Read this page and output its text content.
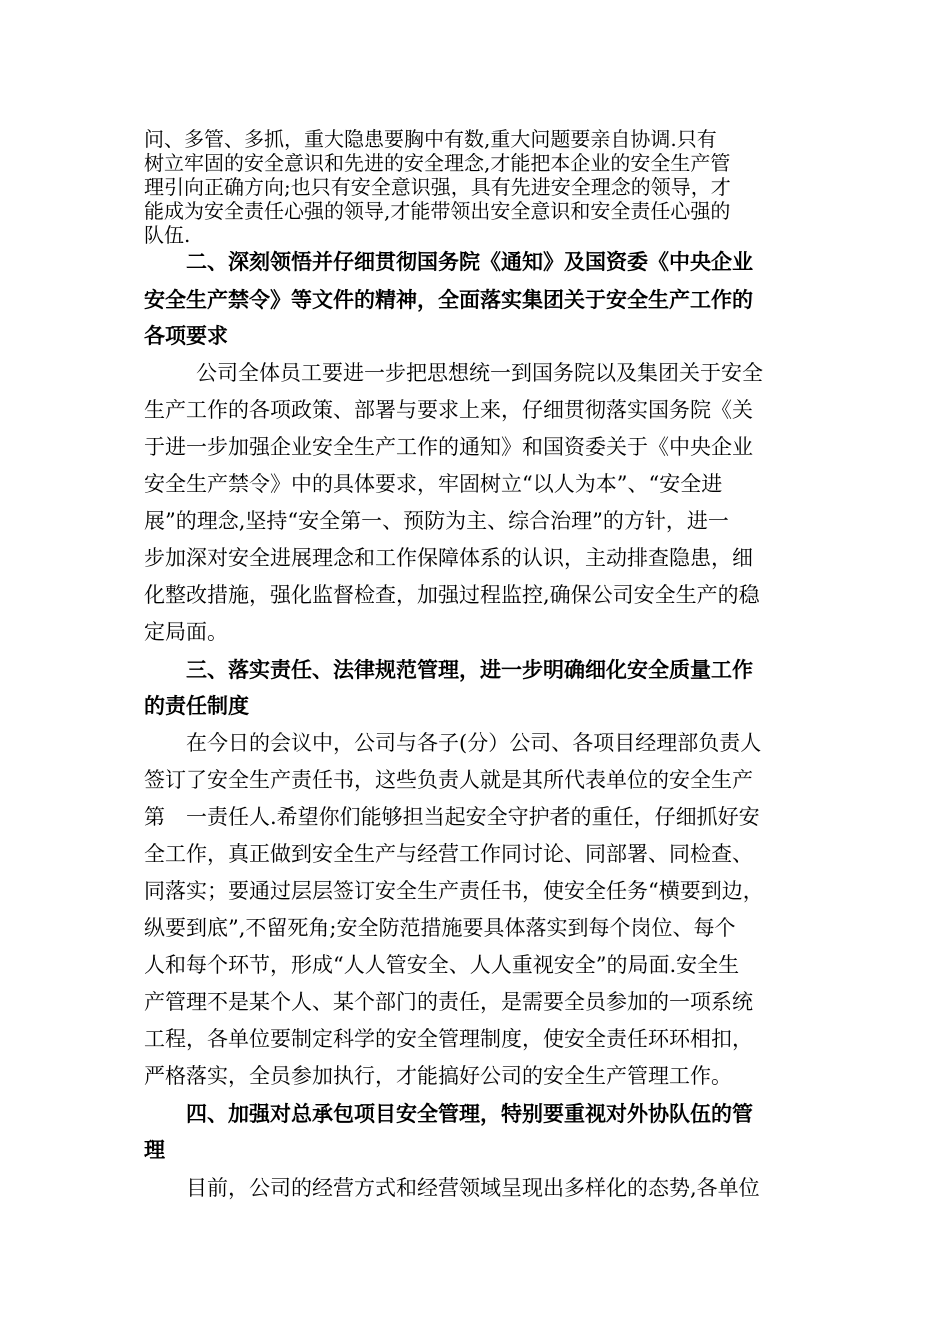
问、多管、多抓，重大隐患要胸中有数,重大问题要亲自协调.只有

树立牢固的安全意识和先进的安全理念,才能把本企业的安全生产管

理引向正确方向;也只有安全意识强，具有先进安全理念的领导，才

能成为安全责任心强的领导,才能带领出安全意识和安全责任心强的

队伍.

二、深刻领悟并仔细贯彻国务院《通知》及国资委《中央企业

安全生产禁令》等文件的精神，全面落实集团关于安全生产工作的

各项要求

公司全体员工要进一步把思想统一到国务院以及集团关于安全

生产工作的各项政策、部署与要求上来，仔细贯彻落实国务院《关

于进一步加强企业安全生产工作的通知》和国资委关于《中央企业

安全生产禁令》中的具体要求，牢固树立“以人为本”、“安全进

展”的理念,坚持“安全第一、预防为主、综合治理”的方针，进一

步加深对安全进展理念和工作保障体系的认识，主动排查隐患，细

化整改措施，强化监督检查，加强过程监控,确保公司安全生产的稳

定局面。

三、落实责任、法律规范管理，进一步明确细化安全质量工作

的责任制度

在今日的会议中，公司与各子(分）公司、各项目经理部负责人

签订了安全生产责任书，这些负责人就是其所代表单位的安全生产

第　一责任人.希望你们能够担当起安全守护者的重任，仔细抓好安

全工作，真正做到安全生产与经营工作同讨论、同部署、同检查、

同落实；要通过层层签订安全生产责任书，使安全任务“横要到边，

纵要到底”,不留死角;安全防范措施要具体落实到每个岗位、每个

人和每个环节，形成“人人管安全、人人重视安全”的局面.安全生

产管理不是某个人、某个部门的责任，是需要全员参加的一项系统

工程，各单位要制定科学的安全管理制度，使安全责任环环相扣，

严格落实，全员参加执行，才能搞好公司的安全生产管理工作。

四、加强对总承包项目安全管理，特别要重视对外协队伍的管

理

目前，公司的经营方式和经营领域呈现出多样化的态势,各单位
